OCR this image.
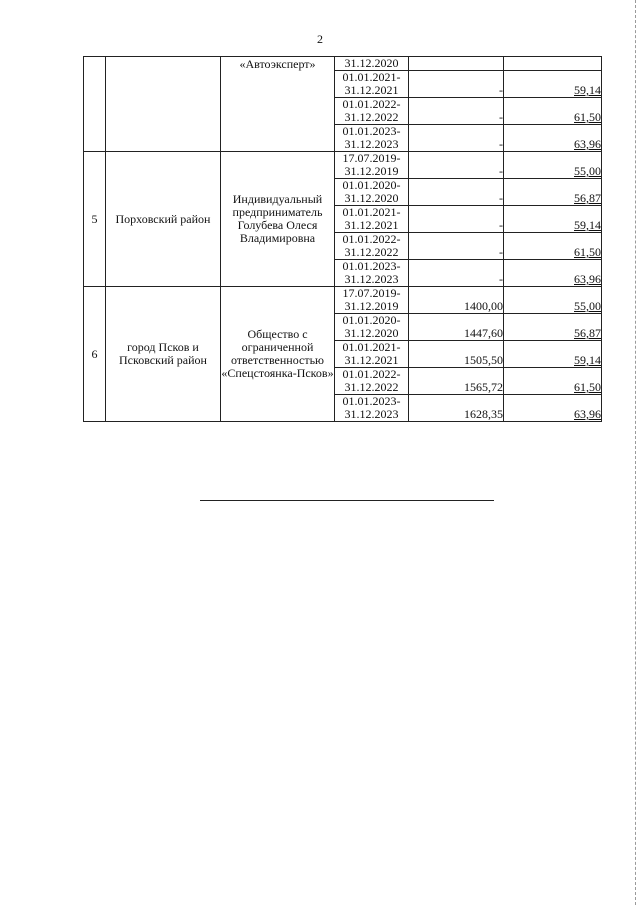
2
		«Автоэксперт»	31.12.2020		

			01.01.2021-
31.12.2021	-	59,14

			01.01.2022-
31.12.2022	-	61,50

			01.01.2023-
31.12.2023	-	63,96
5	Порховский район	Индивидуальный предприниматель Голубева Олеся Владимировна	17.07.2019-
31.12.2019	-	55,00

			01.01.2020-
31.12.2020	-	56,87

			01.01.2021-
31.12.2021	-	59,14

			01.01.2022-
31.12.2022	-	61,50

			01.01.2023-
31.12.2023	-	63,96
6	город Псков и Псковский район	Общество с ограниченной ответственностью «Спецстоянка-Псков»	17.07.2019-
31.12.2019	1400,00	55,00

			01.01.2020-
31.12.2020	1447,60	56,87

			01.01.2021-
31.12.2021	1505,50	59,14

			01.01.2022-
31.12.2022	1565,72	61,50

			01.01.2023-
31.12.2023	1628,35	63,96
